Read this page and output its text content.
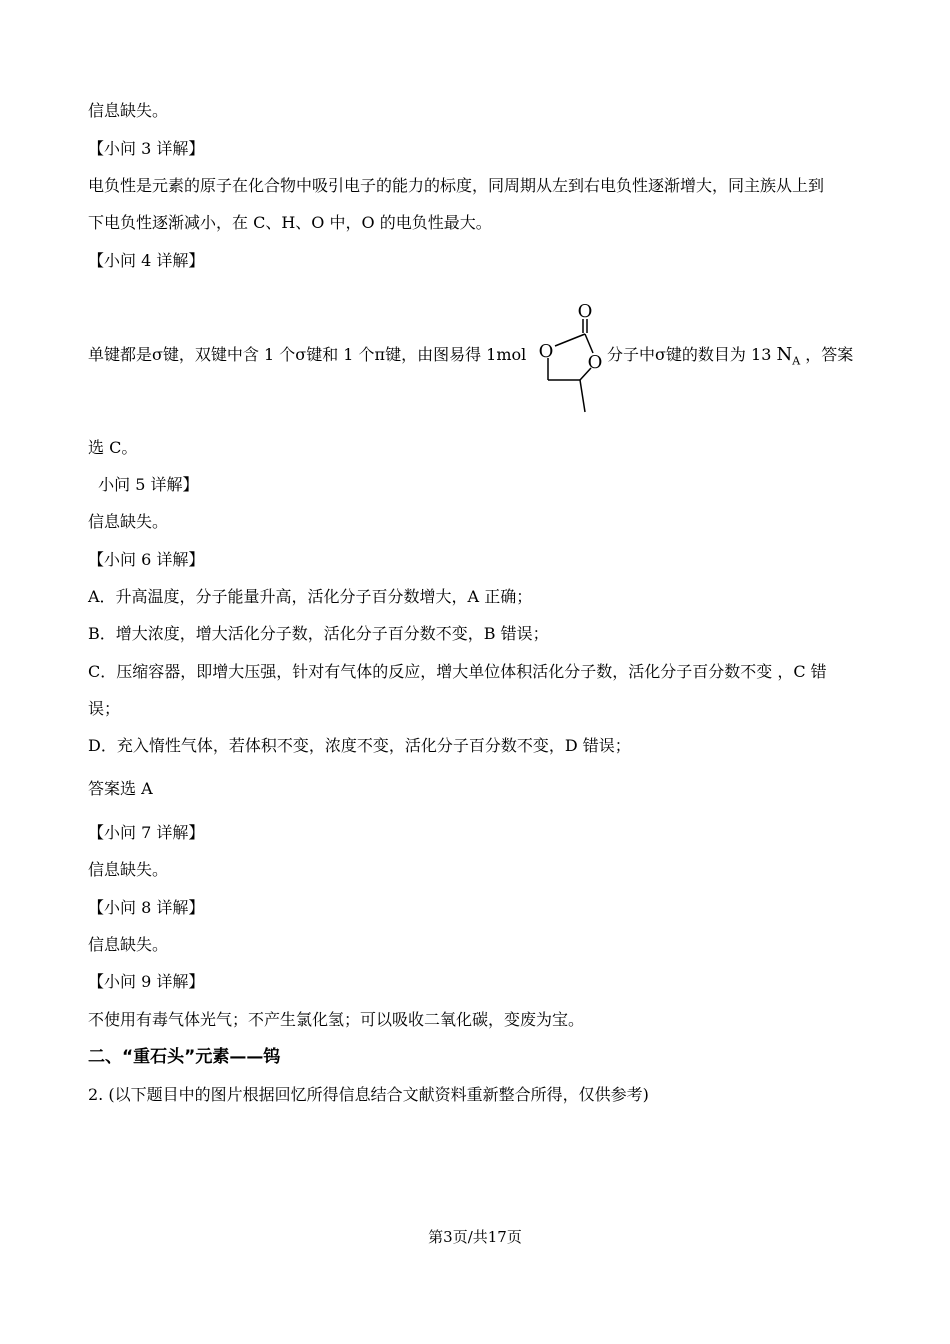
信息缺失。
【小问 3 详解】
电负性是元素的原子在化合物中吸引电子的能力的标度，同周期从左到右电负性逐渐增大，同主族从上到
下电负性逐渐减小，在 C、H、O 中，O 的电负性最大。
【小问 4 详解】
单键都是σ键，双键中含 1 个σ键和 1 个π键，由图易得 1mol
O
O
O 分子中σ键的数目为 13 $N_A$ ，答案
选 C。
小问 5 详解】
信息缺失。
【小问 6 详解】
A．升高温度，分子能量升高，活化分子百分数增大，A 正确；
B．增大浓度，增大活化分子数，活化分子百分数不变，B 错误；
C．压缩容器，即增大压强，针对有气体的反应，增大单位体积活化分子数，活化分子百分数不变 ，C 错
误；
D．充入惰性气体，若体积不变，浓度不变，活化分子百分数不变，D 错误；
答案选 A
【小问 7 详解】
信息缺失。
【小问 8 详解】
信息缺失。
【小问 9 详解】
不使用有毒气体光气；不产生氯化氢；可以吸收二氧化碳，变废为宝。
二、“重石头”元素——钨
2. (以下题目中的图片根据回忆所得信息结合文献资料重新整合所得，仅供参考)
第3页/共17页
